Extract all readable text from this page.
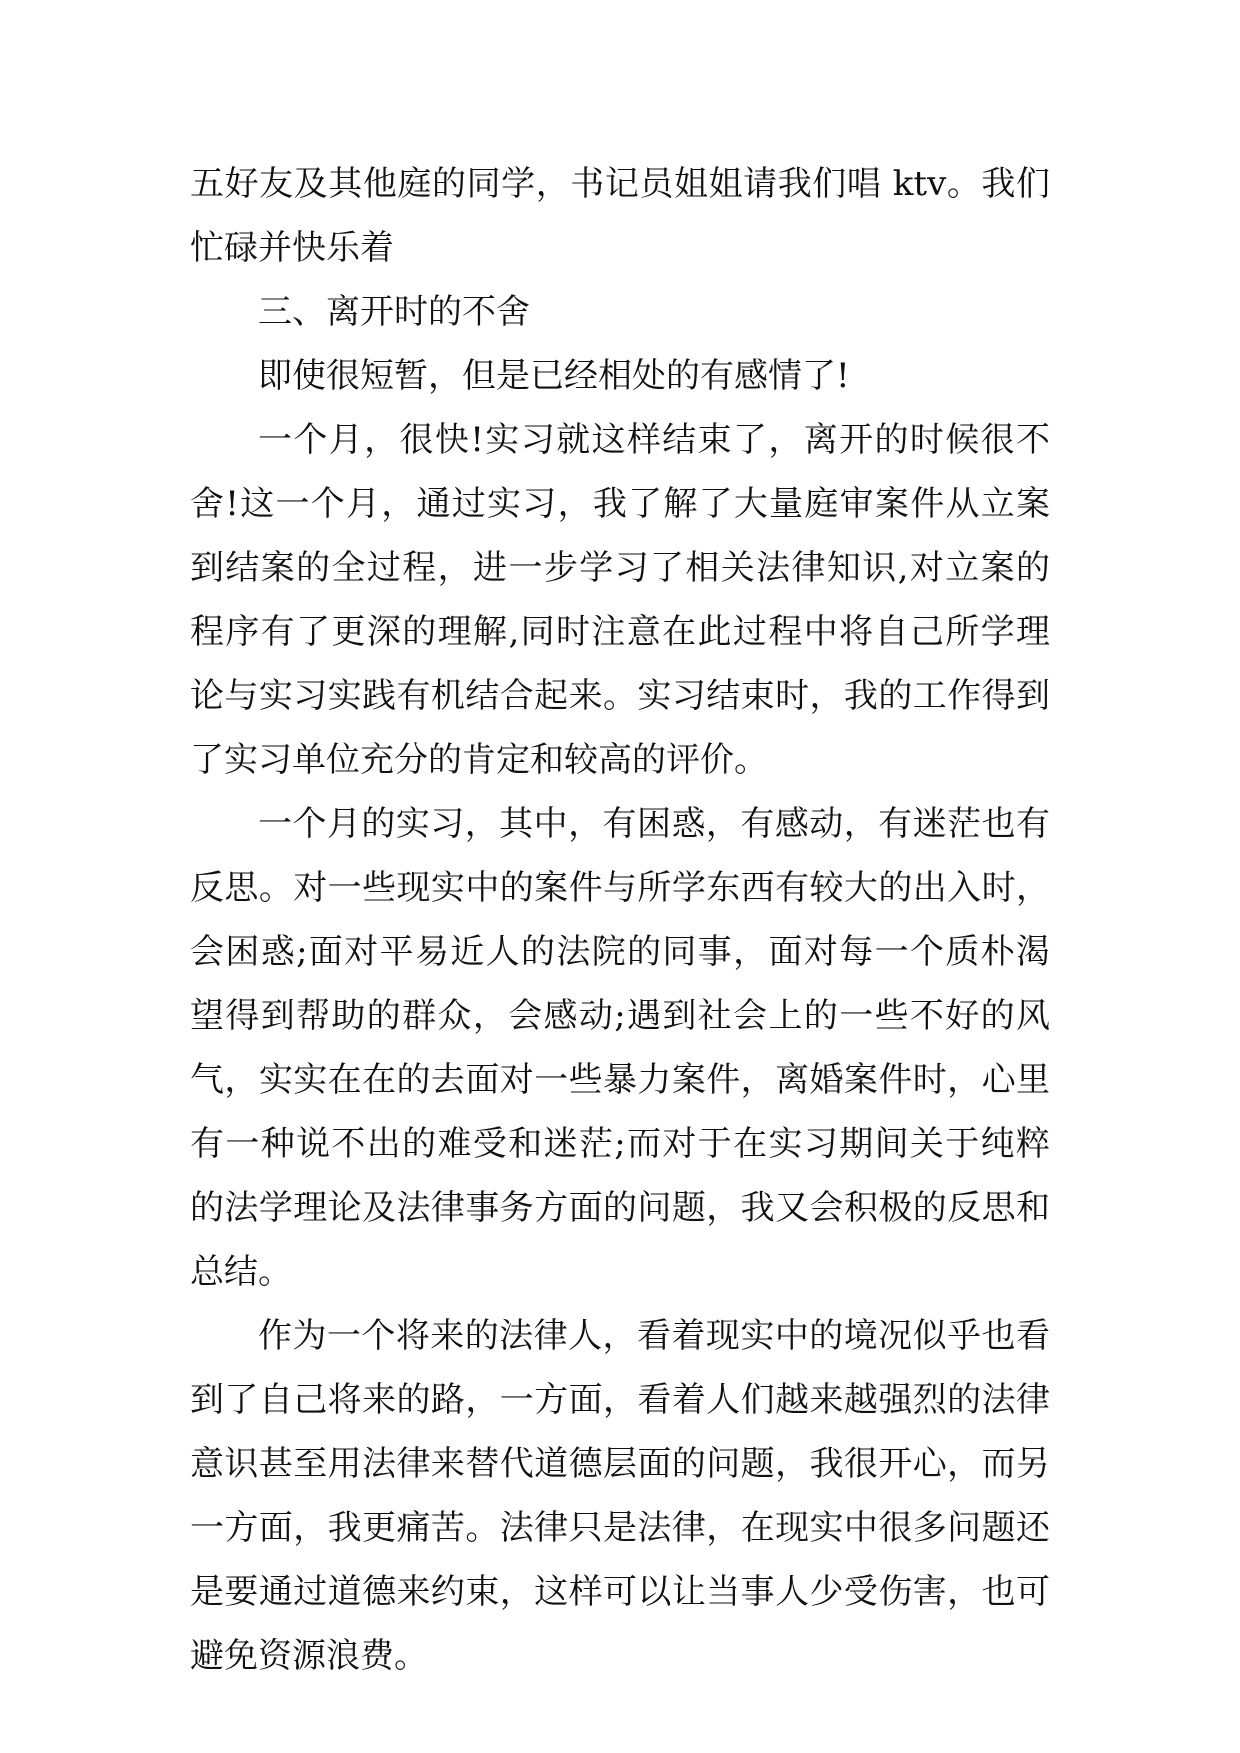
五好友及其他庭的同学，书记员姐姐请我们唱 ktv。我们忙碌并快乐着

三、离开时的不舍

即使很短暂，但是已经相处的有感情了!

一个月，很快!实习就这样结束了，离开的时候很不舍!这一个月，通过实习，我了解了大量庭审案件从立案到结案的全过程，进一步学习了相关法律知识,对立案的程序有了更深的理解,同时注意在此过程中将自己所学理论与实习实践有机结合起来。实习结束时，我的工作得到了实习单位充分的肯定和较高的评价。

一个月的实习，其中，有困惑，有感动，有迷茫也有反思。对一些现实中的案件与所学东西有较大的出入时，会困惑;面对平易近人的法院的同事，面对每一个质朴渴望得到帮助的群众，会感动;遇到社会上的一些不好的风气，实实在在的去面对一些暴力案件，离婚案件时，心里有一种说不出的难受和迷茫;而对于在实习期间关于纯粹的法学理论及法律事务方面的问题，我又会积极的反思和总结。

作为一个将来的法律人，看着现实中的境况似乎也看到了自己将来的路，一方面，看着人们越来越强烈的法律意识甚至用法律来替代道德层面的问题，我很开心，而另一方面，我更痛苦。法律只是法律，在现实中很多问题还是要通过道德来约束，这样可以让当事人少受伤害，也可避免资源浪费。
